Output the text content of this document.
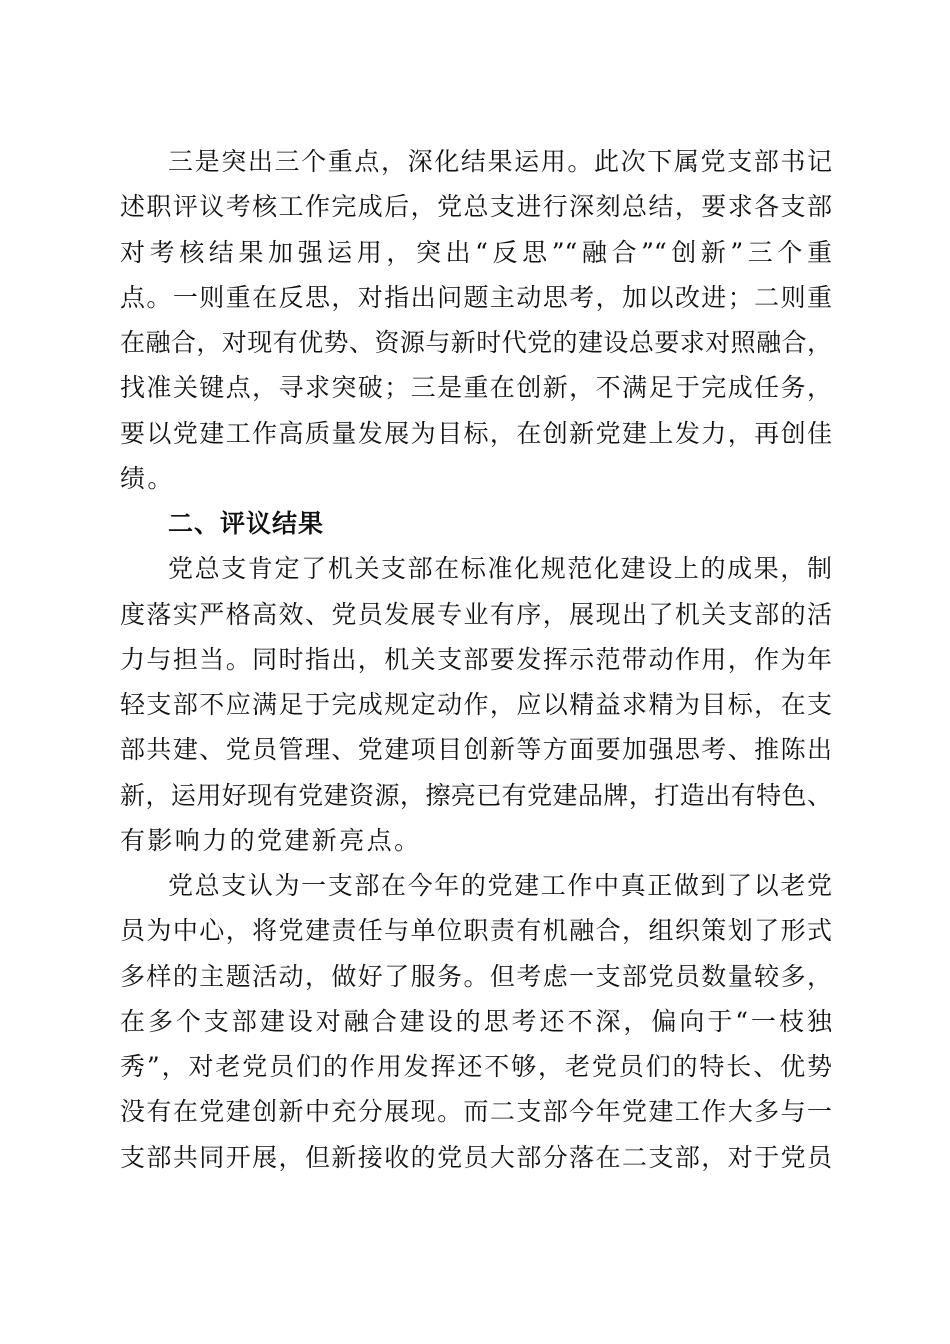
三是突出三个重点，深化结果运用。此次下属党支部书记
述职评议考核工作完成后，党总支进行深刻总结，要求各支部
对考核结果加强运用，突出“反思”“融合”“创新”三个重
点。一则重在反思，对指出问题主动思考，加以改进；二则重
在融合，对现有优势、资源与新时代党的建设总要求对照融合，
找准关键点，寻求突破；三是重在创新，不满足于完成任务，
要以党建工作高质量发展为目标，在创新党建上发力，再创佳
绩。
二、评议结果
党总支肯定了机关支部在标准化规范化建设上的成果，制
度落实严格高效、党员发展专业有序，展现出了机关支部的活
力与担当。同时指出，机关支部要发挥示范带动作用，作为年
轻支部不应满足于完成规定动作，应以精益求精为目标，在支
部共建、党员管理、党建项目创新等方面要加强思考、推陈出
新，运用好现有党建资源，擦亮已有党建品牌，打造出有特色、
有影响力的党建新亮点。
党总支认为一支部在今年的党建工作中真正做到了以老党
员为中心，将党建责任与单位职责有机融合，组织策划了形式
多样的主题活动，做好了服务。但考虑一支部党员数量较多，
在多个支部建设对融合建设的思考还不深，偏向于“一枝独
秀”，对老党员们的作用发挥还不够，老党员们的特长、优势
没有在党建创新中充分展现。而二支部今年党建工作大多与一
支部共同开展，但新接收的党员大部分落在二支部，对于党员
